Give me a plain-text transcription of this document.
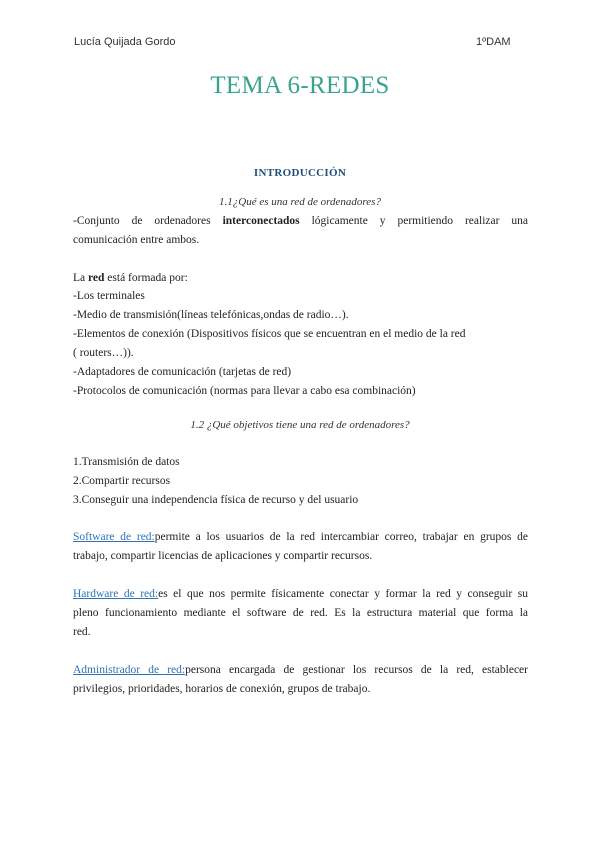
Lucía Quijada Gordo	1ºDAM
TEMA 6-REDES
INTRODUCCIÓN
1.1¿Qué es una red de ordenadores?
-Conjunto de ordenadores interconectados lógicamente y permitiendo realizar una
comunicación entre ambos.
La red está formada por:
-Los terminales
-Medio de transmisión(líneas telefónicas,ondas de radio…).
-Elementos de conexión (Dispositivos físicos que se encuentran en el medio de la red
( routers…)).
-Adaptadores de comunicación (tarjetas de red)
-Protocolos de comunicación (normas para llevar a cabo esa combinación)
1.2 ¿Qué objetivos tiene una red de ordenadores?
1.Transmisión de datos
2.Compartir recursos
3.Conseguir una independencia física de recurso y del usuario
Software de red:permite a los usuarios de la red intercambiar correo, trabajar en grupos de
trabajo, compartir licencias de aplicaciones y compartir recursos.
Hardware de red:es el que nos permite físicamente conectar y formar la red y conseguir su
pleno funcionamiento mediante el software de red. Es la estructura material que forma la
red.
Administrador de red:persona encargada de gestionar los recursos de la red, establecer
privilegios, prioridades, horarios de conexión, grupos de trabajo.
